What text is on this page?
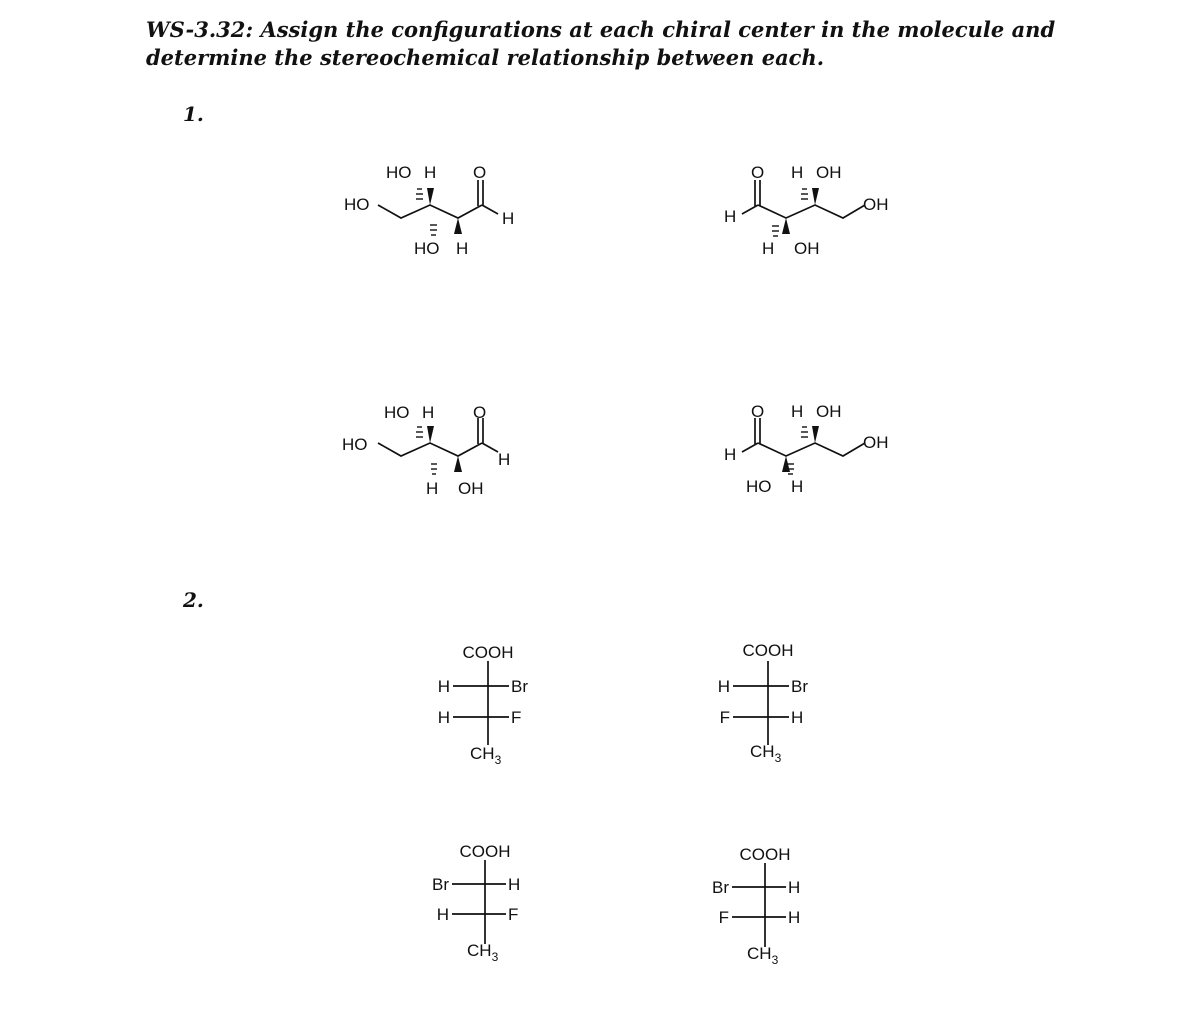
WS-3.32: Assign the configurations at each chiral center in the molecule and
determine the stereochemical relationship between each.
1.
2.
HO H O
HO
H
HO H
O H OH
H
OH
H OH
HO H O
HO
H
H OH
O H OH
H
OH
HO H
COOH
H	Br
H	F
$CH_3$
COOH
H	Br
F	H
$CH_3$
COOH
Br	H
H	F
$CH_3$
COOH
Br	H
F	H
$CH_3$
